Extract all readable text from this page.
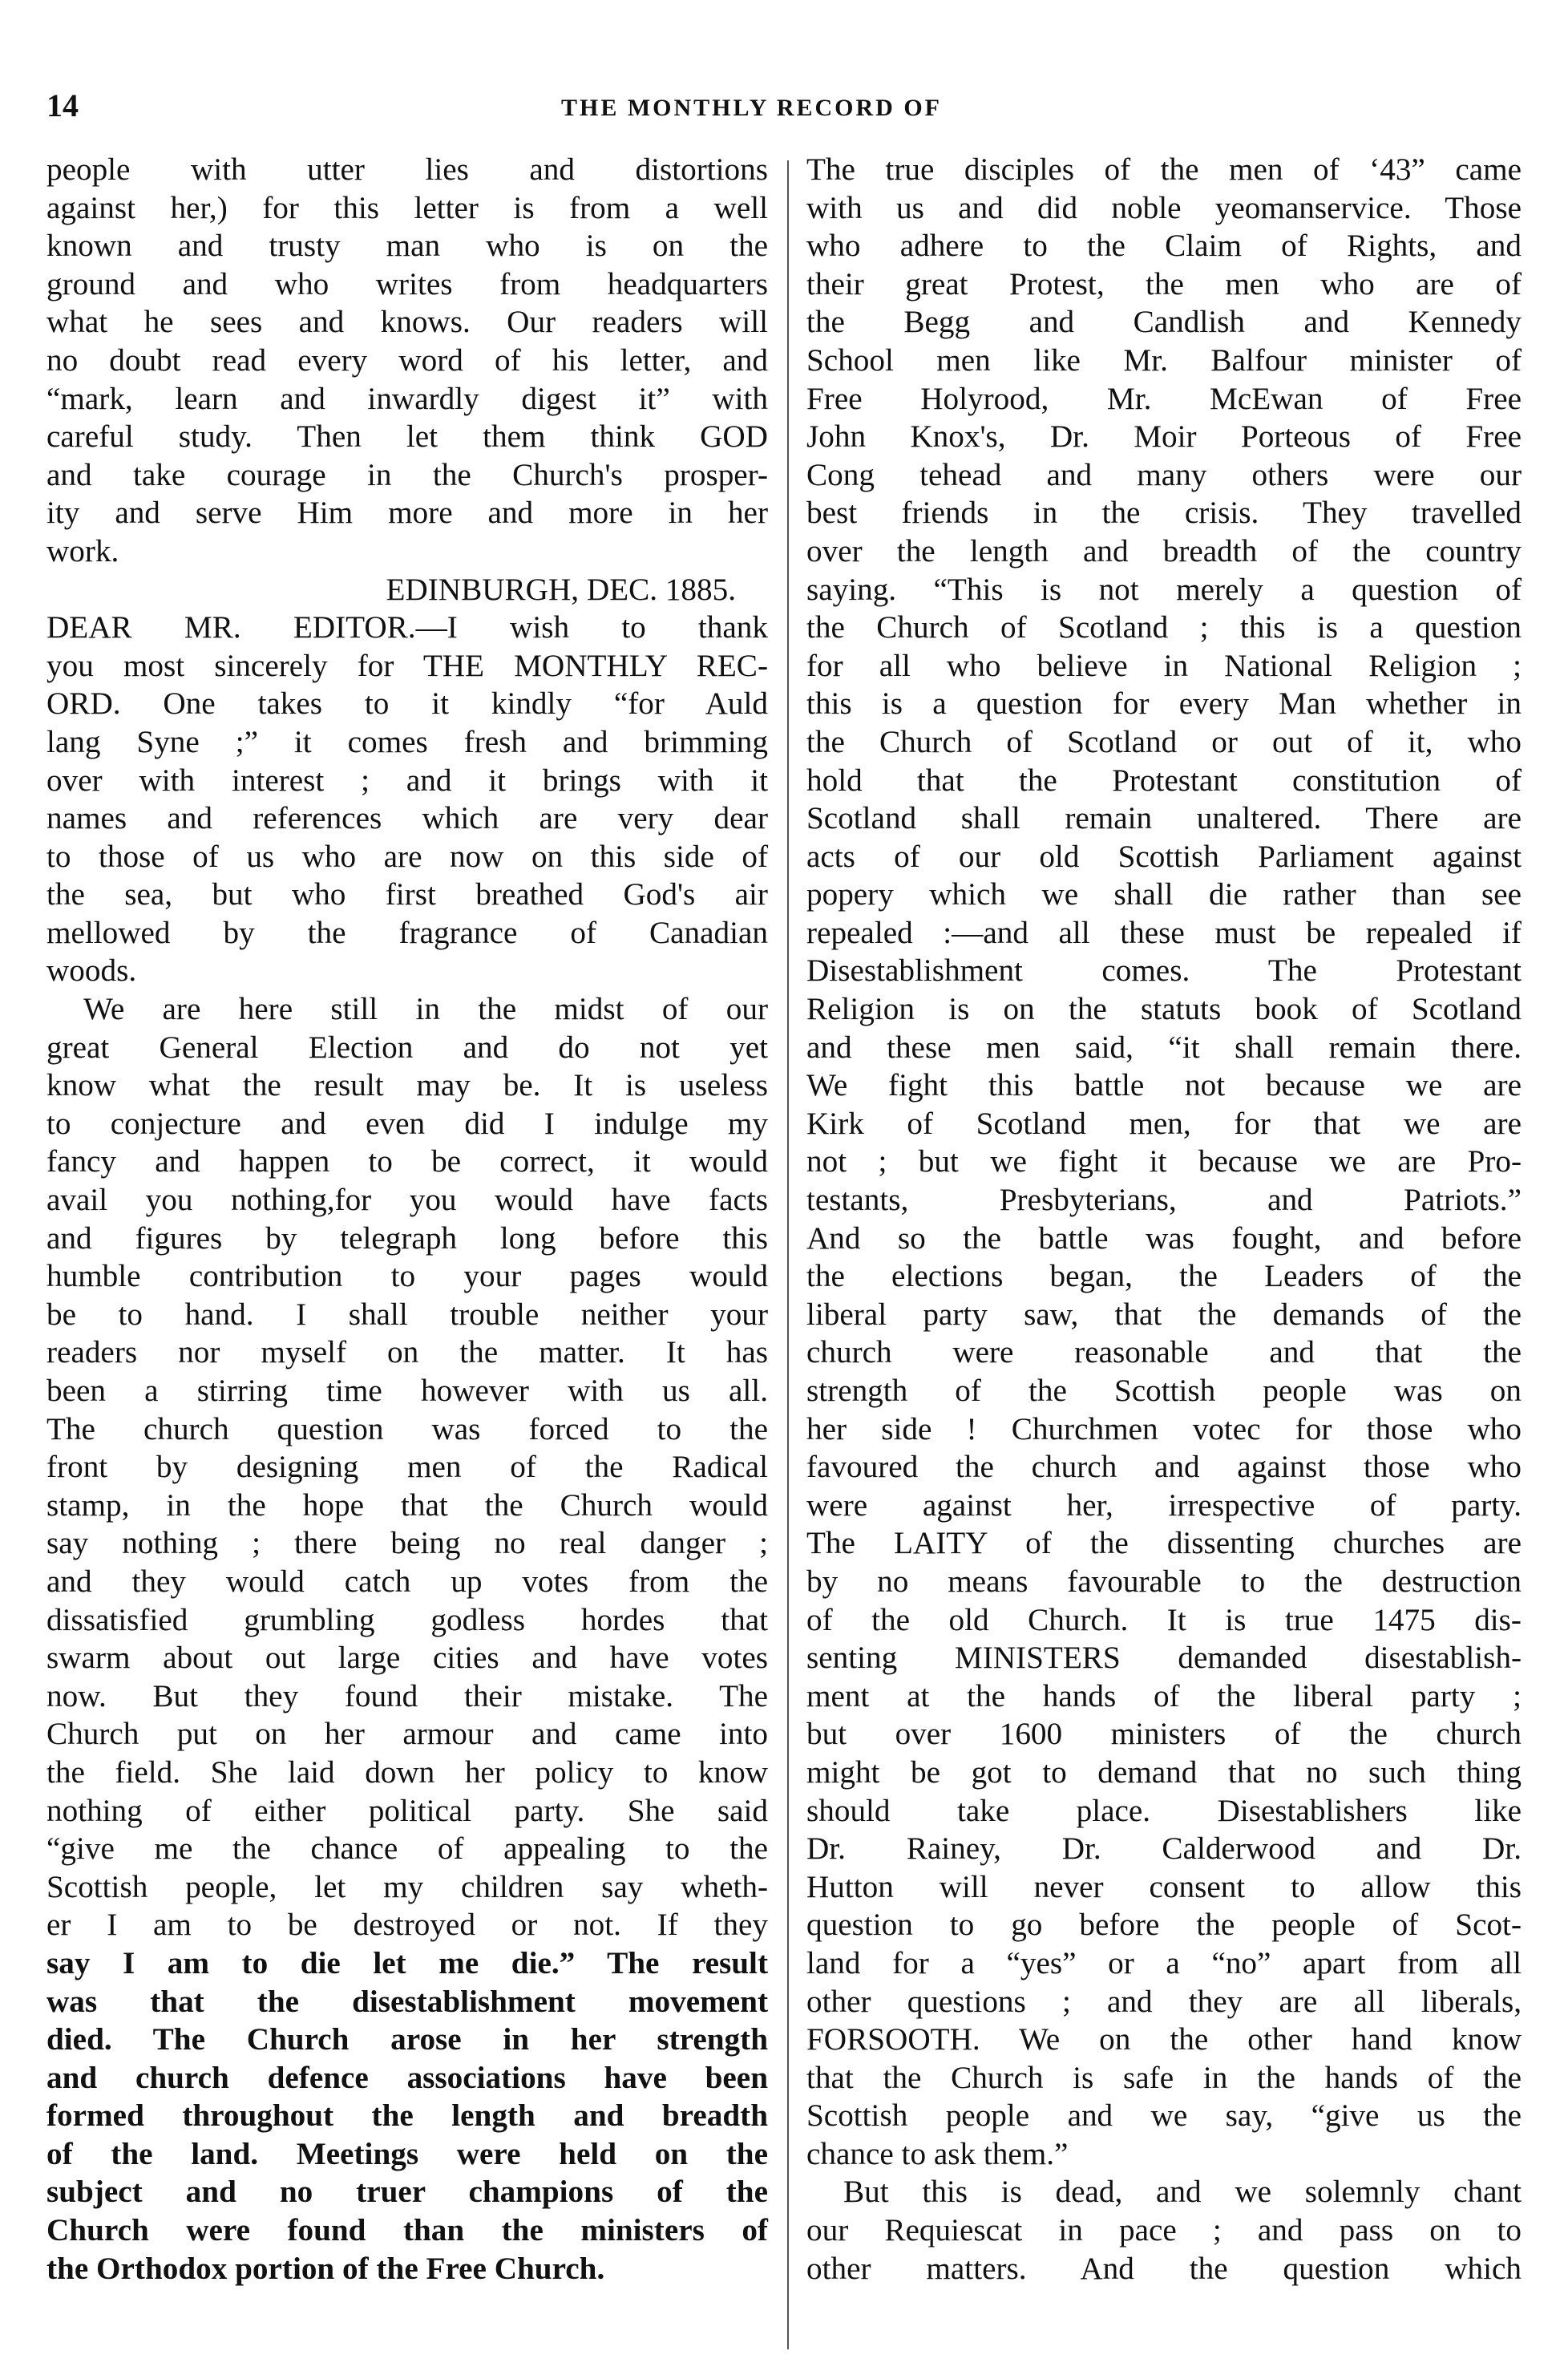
14	THE MONTHLY RECORD OF
people with utter lies and distortions
against her,) for this letter is from a well
known and trusty man who is on the
ground and who writes from headquarters
what he sees and knows. Our readers will
no doubt read every word of his letter, and
“mark, learn and inwardly digest it” with
careful study. Then let them think GOD
and take courage in the Church's prosper-
ity and serve Him more and more in her
work.
EDINBURGH, DEC. 1885.
DEAR MR. EDITOR.—I wish to thank
you most sincerely for THE MONTHLY REC-
ORD. One takes to it kindly “for Auld
lang Syne ;” it comes fresh and brimming
over with interest ; and it brings with it
names and references which are very dear
to those of us who are now on this side of
the sea, but who first breathed God's air
mellowed by the fragrance of Canadian
woods.
We are here still in the midst of our
great General Election and do not yet
know what the result may be. It is useless
to conjecture and even did I indulge my
fancy and happen to be correct, it would
avail you nothing,for you would have facts
and figures by telegraph long before this
humble contribution to your pages would
be to hand. I shall trouble neither your
readers nor myself on the matter. It has
been a stirring time however with us all.
The church question was forced to the
front by designing men of the Radical
stamp, in the hope that the Church would
say nothing ; there being no real danger ;
and they would catch up votes from the
dissatisfied grumbling godless hordes that
swarm about out large cities and have votes
now. But they found their mistake. The
Church put on her armour and came into
the field. She laid down her policy to know
nothing of either political party. She said
“give me the chance of appealing to the
Scottish people, let my children say wheth-
er I am to be destroyed or not. If they
say I am to die let me die.” The result
was that the disestablishment movement
died. The Church arose in her strength
and church defence associations have been
formed throughout the length and breadth
of the land. Meetings were held on the
subject and no truer champions of the
Church were found than the ministers of
the Orthodox portion of the Free Church.
The true disciples of the men of ‘43” came
with us and did noble yeomanservice. Those
who adhere to the Claim of Rights, and
their great Protest, the men who are of
the Begg and Candlish and Kennedy
School men like Mr. Balfour minister of
Free Holyrood, Mr. McEwan of Free
John Knox's, Dr. Moir Porteous of Free
Cong tehead and many others were our
best friends in the crisis. They travelled
over the length and breadth of the country
saying. “This is not merely a question of
the Church of Scotland ; this is a question
for all who believe in National Religion ;
this is a question for every Man whether in
the Church of Scotland or out of it, who
hold that the Protestant constitution of
Scotland shall remain unaltered. There are
acts of our old Scottish Parliament against
popery which we shall die rather than see
repealed :—and all these must be repealed if
Disestablishment comes. The Protestant
Religion is on the statuts book of Scotland
and these men said, “it shall remain there.
We fight this battle not because we are
Kirk of Scotland men, for that we are
not ; but we fight it because we are Pro-
testants, Presbyterians, and Patriots.”
And so the battle was fought, and before
the elections began, the Leaders of the
liberal party saw, that the demands of the
church were reasonable and that the
strength of the Scottish people was on
her side ! Churchmen votec for those who
favoured the church and against those who
were against her, irrespective of party.
The LAITY of the dissenting churches are
by no means favourable to the destruction
of the old Church. It is true 1475 dis-
senting MINISTERS demanded disestablish-
ment at the hands of the liberal party ;
but over 1600 ministers of the church
might be got to demand that no such thing
should take place. Disestablishers like
Dr. Rainey, Dr. Calderwood and Dr.
Hutton will never consent to allow this
question to go before the people of Scot-
land for a “yes” or a “no” apart from all
other questions ; and they are all liberals,
FORSOOTH. We on the other hand know
that the Church is safe in the hands of the
Scottish people and we say, “give us the
chance to ask them.”
But this is dead, and we solemnly chant
our Requiescat in pace ; and pass on to
other matters. And the question which
